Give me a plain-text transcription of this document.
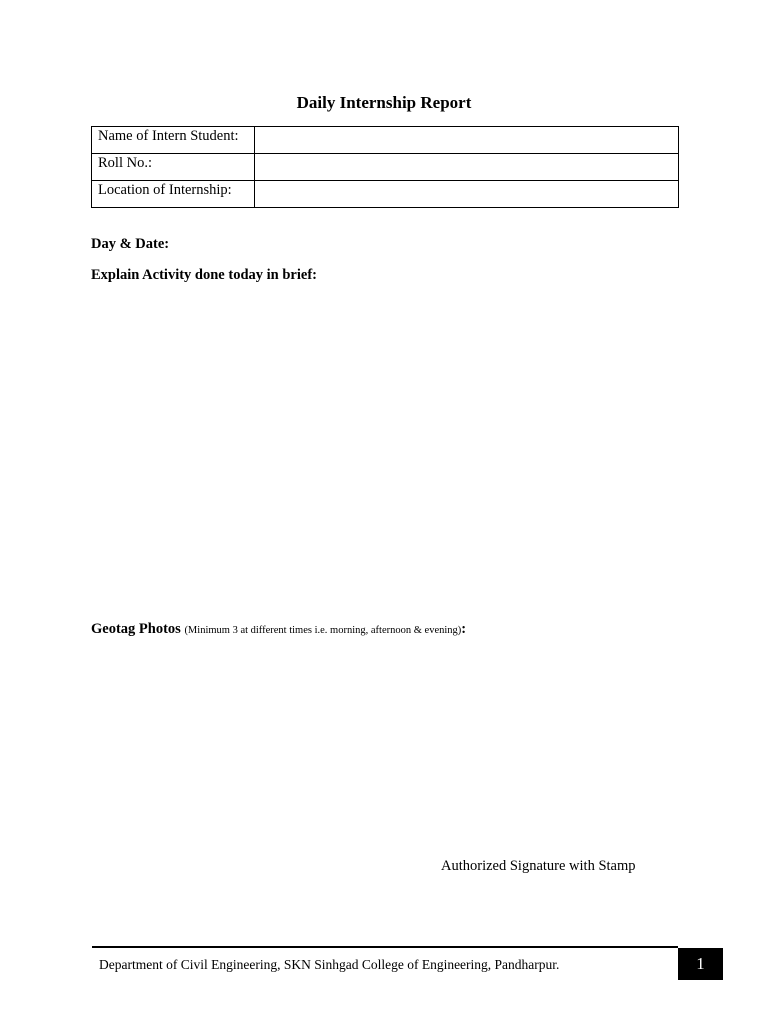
Daily Internship Report
Name of Intern Student:	
Roll No.:	
Location of Internship:	
Day & Date:
Explain Activity done today in brief:
Geotag Photos (Minimum 3 at different times i.e. morning, afternoon & evening):
Authorized Signature with Stamp
Department of Civil Engineering, SKN Sinhgad College of Engineering, Pandharpur.	1
